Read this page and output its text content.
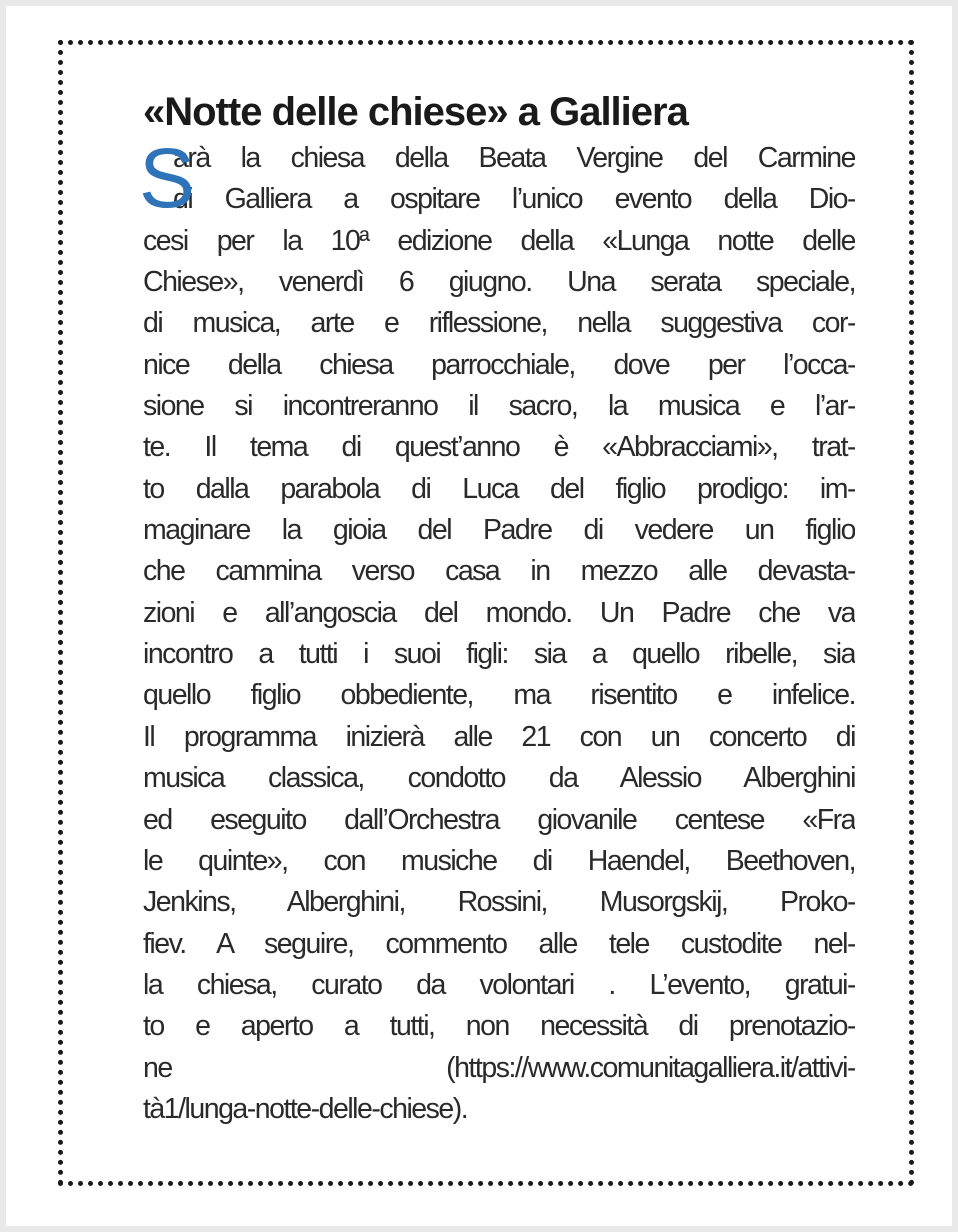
«Notte delle chiese» a Galliera
S
arà la chiesa della Beata Vergine del Carmine
di Galliera a ospitare l’unico evento della Dio-
cesi per la 10ª edizione della «Lunga notte delle
Chiese», venerdì 6 giugno. Una serata speciale,
di musica, arte e riflessione, nella suggestiva cor-
nice della chiesa parrocchiale, dove per l’occa-
sione si incontreranno il sacro, la musica e l’ar-
te. Il tema di quest’anno è «Abbracciami», trat-
to dalla parabola di Luca del figlio prodigo: im-
maginare la gioia del Padre di vedere un figlio
che cammina verso casa in mezzo alle devasta-
zioni e all’angoscia del mondo. Un Padre che va
incontro a tutti i suoi figli: sia a quello ribelle, sia
quello figlio obbediente, ma risentito e infelice.
Il programma inizierà alle 21 con un concerto di
musica classica, condotto da Alessio Alberghini
ed eseguito dall’Orchestra giovanile centese «Fra
le quinte», con musiche di Haendel, Beethoven,
Jenkins, Alberghini, Rossini, Musorgskij, Proko-
fiev. A seguire, commento alle tele custodite nel-
la chiesa, curato da volontari . L’evento, gratui-
to e aperto a tutti, non necessità di prenotazio-
ne (https://www.comunitagalliera.it/attivi-
tà1/lunga-notte-delle-chiese).
